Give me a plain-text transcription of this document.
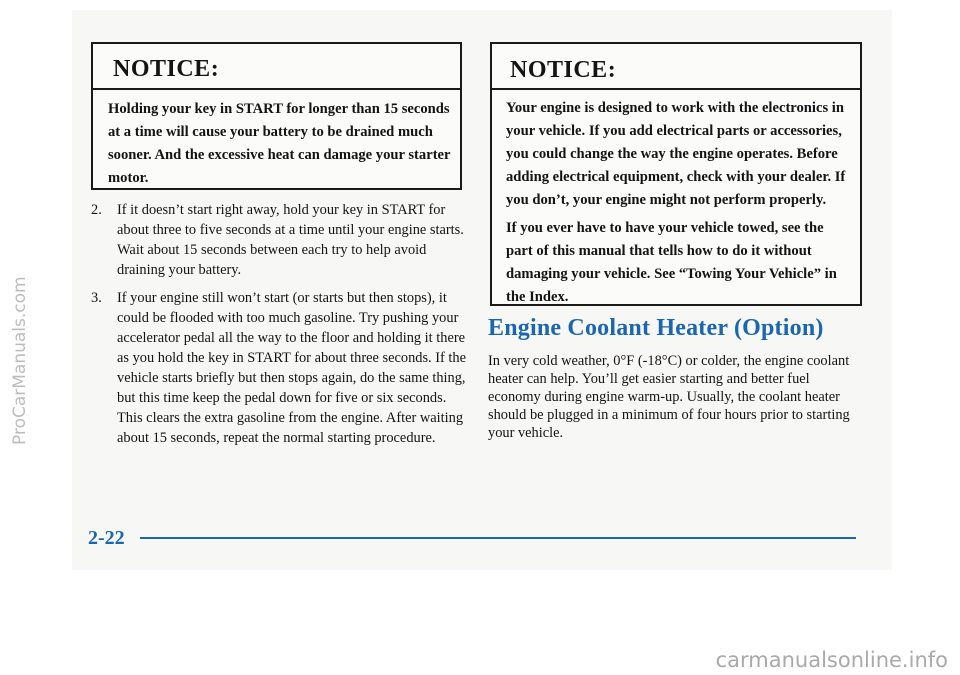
NOTICE:

Holding your key in START for longer than 15 seconds at a time will cause your battery to be drained much sooner. And the excessive heat can damage your starter motor.

2. If it doesn’t start right away, hold your key in START for about three to five seconds at a time until your engine starts. Wait about 15 seconds between each try to help avoid draining your battery.
3. If your engine still won’t start (or starts but then stops), it could be flooded with too much gasoline. Try pushing your accelerator pedal all the way to the floor and holding it there as you hold the key in START for about three seconds. If the vehicle starts briefly but then stops again, do the same thing, but this time keep the pedal down for five or six seconds. This clears the extra gasoline from the engine. After waiting about 15 seconds, repeat the normal starting procedure.
NOTICE:

Your engine is designed to work with the electronics in your vehicle. If you add electrical parts or accessories, you could change the way the engine operates. Before adding electrical equipment, check with your dealer. If you don’t, your engine might not perform properly.

If you ever have to have your vehicle towed, see the part of this manual that tells how to do it without damaging your vehicle. See “Towing Your Vehicle” in the Index.

Engine Coolant Heater (Option)

In very cold weather, 0°F (-18°C) or colder, the engine coolant heater can help. You’ll get easier starting and better fuel economy during engine warm-up. Usually, the coolant heater should be plugged in a minimum of four hours prior to starting your vehicle.

2-22
ProCarManuals.com
carmanualsonline.info
